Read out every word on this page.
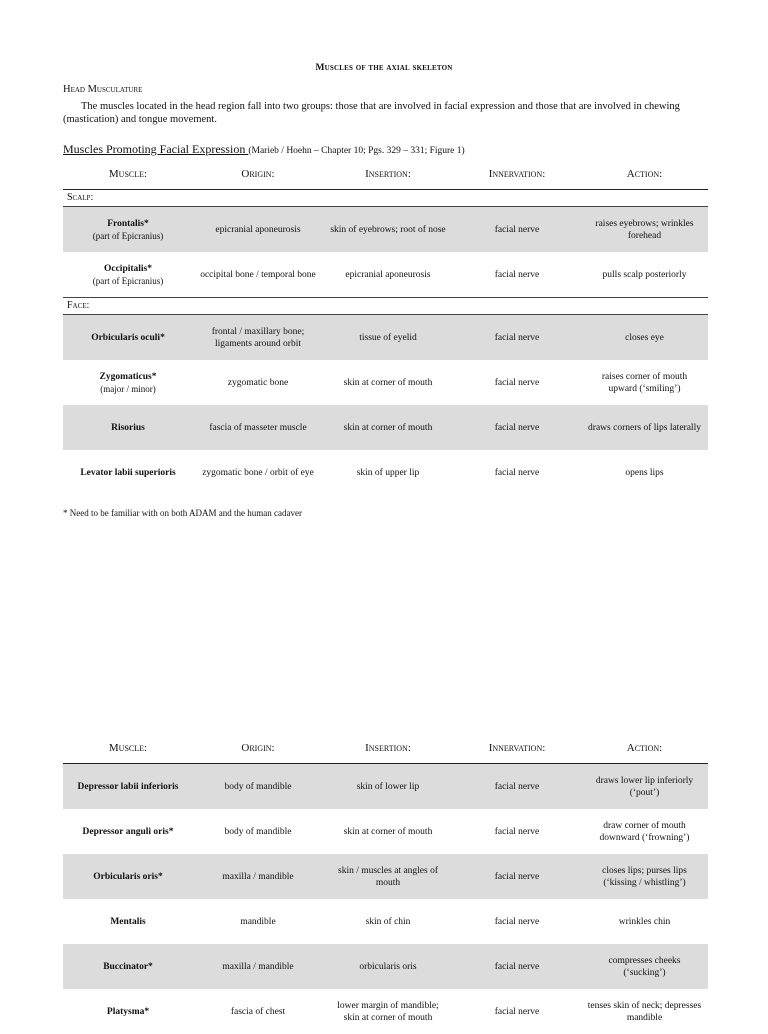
Muscles of the axial skeleton
Head Musculature
The muscles located in the head region fall into two groups: those that are involved in facial expression and those that are involved in chewing (mastication) and tongue movement.
Muscles Promoting Facial Expression (Marieb / Hoehn – Chapter 10; Pgs. 329 – 331; Figure 1)
Muscle:	Origin:	Insertion:	Innervation:	Action:
Scalp:				

Frontalis*
(part of Epicranius)	epicranial aponeurosis	skin of eyebrows; root of nose	facial nerve	raises eyebrows; wrinkles forehead

Occipitalis*
(part of Epicranius)	occipital bone / temporal bone	epicranial aponeurosis	facial nerve	pulls scalp posteriorly
Face:				

Orbicularis oculi*	frontal / maxillary bone; ligaments around orbit	tissue of eyelid	facial nerve	closes eye

Zygomaticus*
(major / minor)	zygomatic bone	skin at corner of mouth	facial nerve	raises corner of mouth upward (‘smiling’)

Risorius	fascia of masseter muscle	skin at corner of mouth	facial nerve	draws corners of lips laterally

Levator labii superioris	zygomatic bone / orbit of eye	skin of upper lip	facial nerve	opens lips
* Need to be familiar with on both ADAM and the human cadaver
Muscle:	Origin:	Insertion:	Innervation:	Action:
Depressor labii inferioris	body of mandible	skin of lower lip	facial nerve	draws lower lip inferiorly (‘pout’)
Depressor anguli oris*	body of mandible	skin at corner of mouth	facial nerve	draw corner of mouth downward (‘frowning’)
Orbicularis oris*	maxilla / mandible	skin / muscles at angles of mouth	facial nerve	closes lips; purses lips (‘kissing / whistling’)
Mentalis	mandible	skin of chin	facial nerve	wrinkles chin
Buccinator*	maxilla / mandible	orbicularis oris	facial nerve	compresses cheeks (‘sucking’)
Platysma*	fascia of chest	lower margin of mandible; skin at corner of mouth	facial nerve	tenses skin of neck; depresses mandible
